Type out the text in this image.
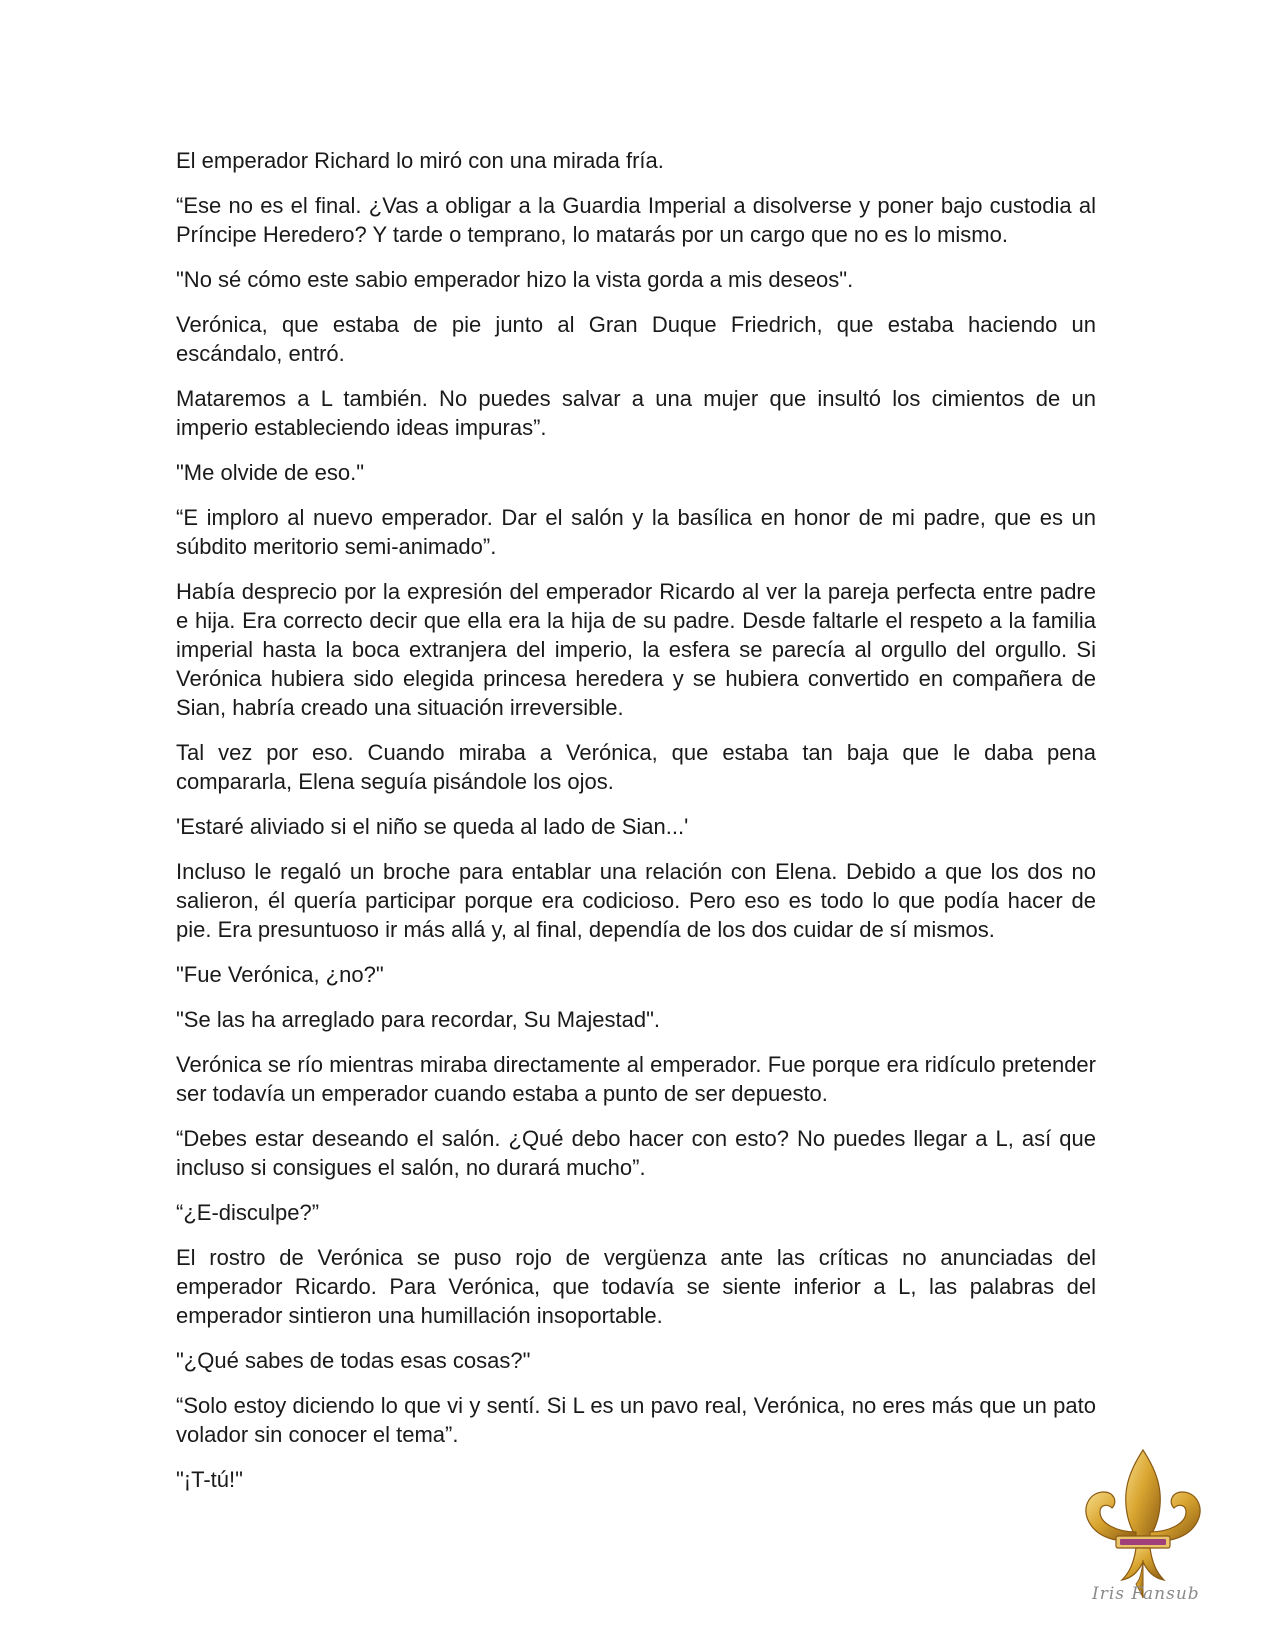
El emperador Richard lo miró con una mirada fría.

“Ese no es el final. ¿Vas a obligar a la Guardia Imperial a disolverse y poner bajo custodia al Príncipe Heredero? Y tarde o temprano, lo matarás por un cargo que no es lo mismo.

"No sé cómo este sabio emperador hizo la vista gorda a mis deseos".

Verónica, que estaba de pie junto al Gran Duque Friedrich, que estaba haciendo un escándalo, entró.

Mataremos a L también. No puedes salvar a una mujer que insultó los cimientos de un imperio estableciendo ideas impuras”.

"Me olvide de eso."

“E imploro al nuevo emperador. Dar el salón y la basílica en honor de mi padre, que es un súbdito meritorio semi-animado”.

Había desprecio por la expresión del emperador Ricardo al ver la pareja perfecta entre padre e hija. Era correcto decir que ella era la hija de su padre. Desde faltarle el respeto a la familia imperial hasta la boca extranjera del imperio, la esfera se parecía al orgullo del orgullo. Si Verónica hubiera sido elegida princesa heredera y se hubiera convertido en compañera de Sian, habría creado una situación irreversible.

Tal vez por eso. Cuando miraba a Verónica, que estaba tan baja que le daba pena compararla, Elena seguía pisándole los ojos.

'Estaré aliviado si el niño se queda al lado de Sian...'

Incluso le regaló un broche para entablar una relación con Elena. Debido a que los dos no salieron, él quería participar porque era codicioso. Pero eso es todo lo que podía hacer de pie. Era presuntuoso ir más allá y, al final, dependía de los dos cuidar de sí mismos.

"Fue Verónica, ¿no?"

"Se las ha arreglado para recordar, Su Majestad".

Verónica se río mientras miraba directamente al emperador. Fue porque era ridículo pretender ser todavía un emperador cuando estaba a punto de ser depuesto.

“Debes estar deseando el salón. ¿Qué debo hacer con esto? No puedes llegar a L, así que incluso si consigues el salón, no durará mucho”.

“¿E-disculpe?”

El rostro de Verónica se puso rojo de vergüenza ante las críticas no anunciadas del emperador Ricardo. Para Verónica, que todavía se siente inferior a L, las palabras del emperador sintieron una humillación insoportable.

"¿Qué sabes de todas esas cosas?"

“Solo estoy diciendo lo que vi y sentí. Si L es un pavo real, Verónica, no eres más que un pato volador sin conocer el tema”.

"¡T-tú!"

Iris Fansub
